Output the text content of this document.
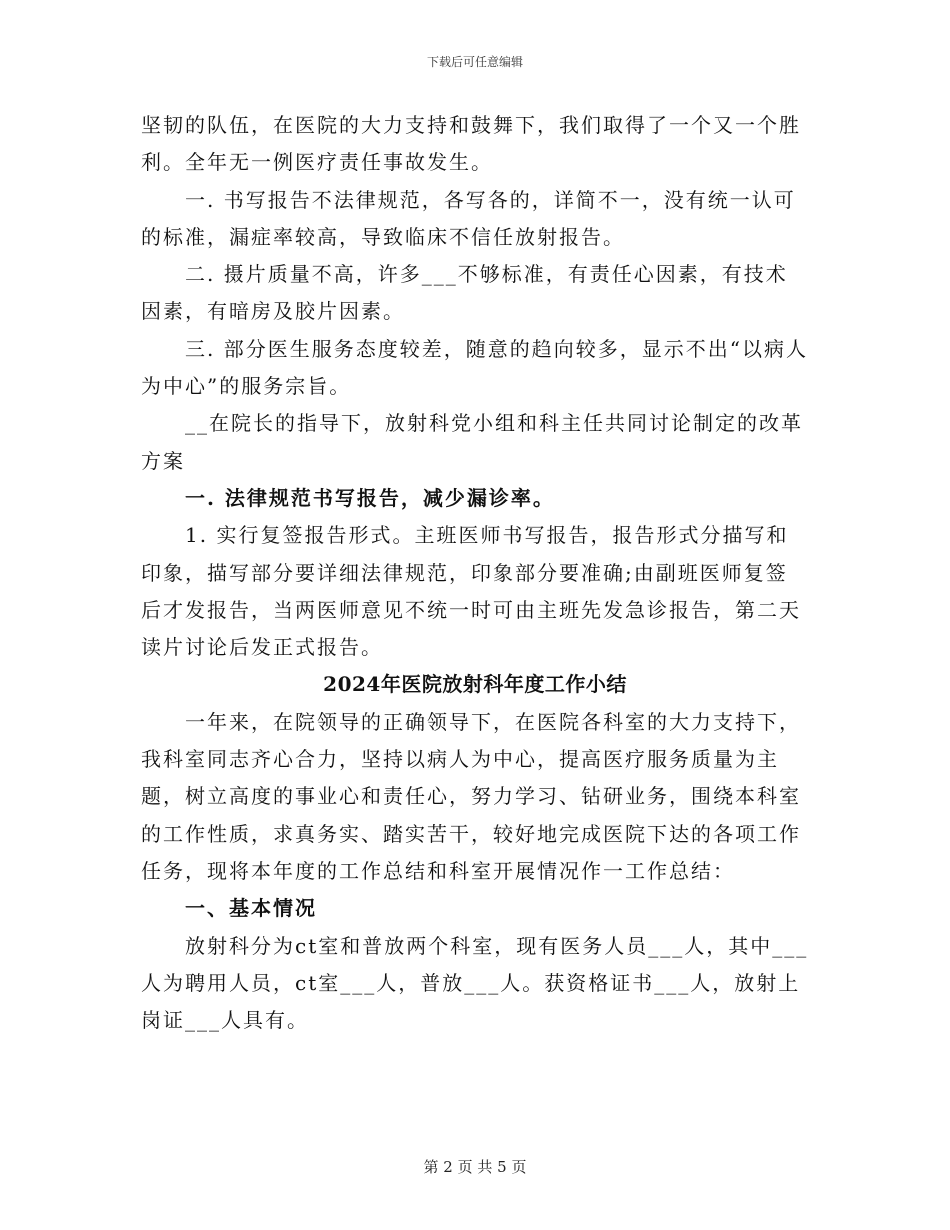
下载后可任意编辑

坚韧的队伍，在医院的大力支持和鼓舞下，我们取得了一个又一个胜利。全年无一例医疗责任事故发生。

一. 书写报告不法律规范，各写各的，详简不一，没有统一认可的标准，漏症率较高，导致临床不信任放射报告。

二. 摄片质量不高，许多___不够标准，有责任心因素，有技术因素，有暗房及胶片因素。

三. 部分医生服务态度较差，随意的趋向较多，显示不出“以病人为中心”的服务宗旨。

__在院长的指导下，放射科党小组和科主任共同讨论制定的改革方案

一. 法律规范书写报告，减少漏诊率。

1. 实行复签报告形式。主班医师书写报告，报告形式分描写和印象，描写部分要详细法律规范，印象部分要准确;由副班医师复签后才发报告，当两医师意见不统一时可由主班先发急诊报告，第二天读片讨论后发正式报告。

2024年医院放射科年度工作小结

一年来，在院领导的正确领导下，在医院各科室的大力支持下，我科室同志齐心合力，坚持以病人为中心，提高医疗服务质量为主题，树立高度的事业心和责任心，努力学习、钻研业务，围绕本科室的工作性质，求真务实、踏实苦干，较好地完成医院下达的各项工作任务，现将本年度的工作总结和科室开展情况作一工作总结：

一、基本情况

放射科分为ct室和普放两个科室，现有医务人员___人，其中___人为聘用人员，ct室___人，普放___人。获资格证书___人，放射上岗证___人具有。

第 2 页 共 5 页
